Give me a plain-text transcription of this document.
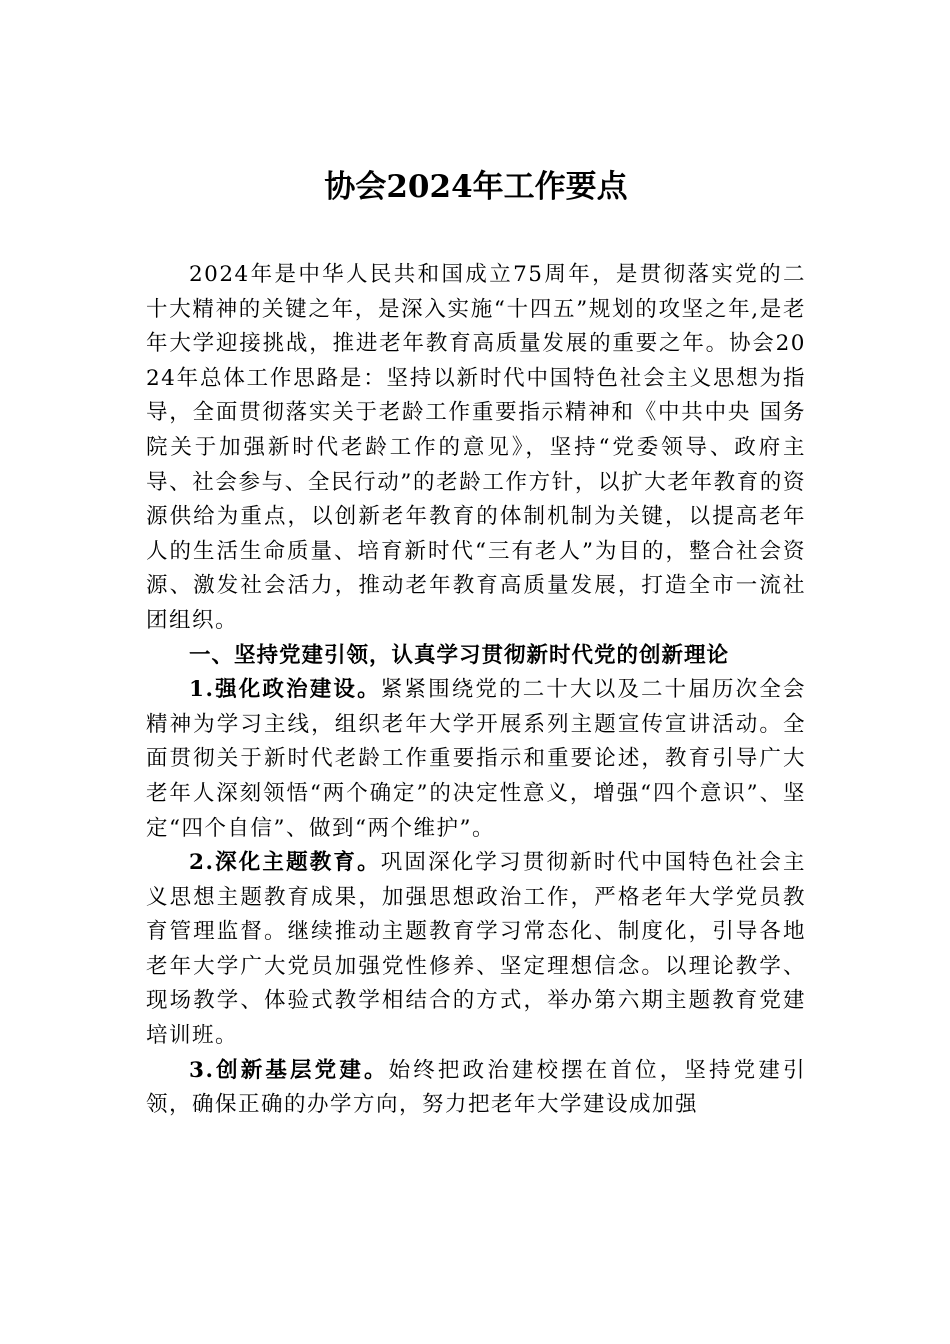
协会2024年工作要点

2024年是中华人民共和国成立75周年，是贯彻落实党的二十大精神的关键之年，是深入实施“十四五”规划的攻坚之年,是老年大学迎接挑战，推进老年教育高质量发展的重要之年。协会2024年总体工作思路是：坚持以新时代中国特色社会主义思想为指导，全面贯彻落实关于老龄工作重要指示精神和《中共中央 国务院关于加强新时代老龄工作的意见》，坚持“党委领导、政府主导、社会参与、全民行动”的老龄工作方针，以扩大老年教育的资源供给为重点，以创新老年教育的体制机制为关键，以提高老年人的生活生命质量、培育新时代“三有老人”为目的，整合社会资源、激发社会活力，推动老年教育高质量发展，打造全市一流社团组织。

一、坚持党建引领，认真学习贯彻新时代党的创新理论

1.强化政治建设。紧紧围绕党的二十大以及二十届历次全会精神为学习主线，组织老年大学开展系列主题宣传宣讲活动。全面贯彻关于新时代老龄工作重要指示和重要论述，教育引导广大老年人深刻领悟“两个确定”的决定性意义，增强“四个意识”、坚定“四个自信”、做到“两个维护”。

2.深化主题教育。巩固深化学习贯彻新时代中国特色社会主义思想主题教育成果，加强思想政治工作，严格老年大学党员教育管理监督。继续推动主题教育学习常态化、制度化，引导各地老年大学广大党员加强党性修养、坚定理想信念。以理论教学、现场教学、体验式教学相结合的方式，举办第六期主题教育党建培训班。

3.创新基层党建。始终把政治建校摆在首位，坚持党建引领，确保正确的办学方向，努力把老年大学建设成加强
